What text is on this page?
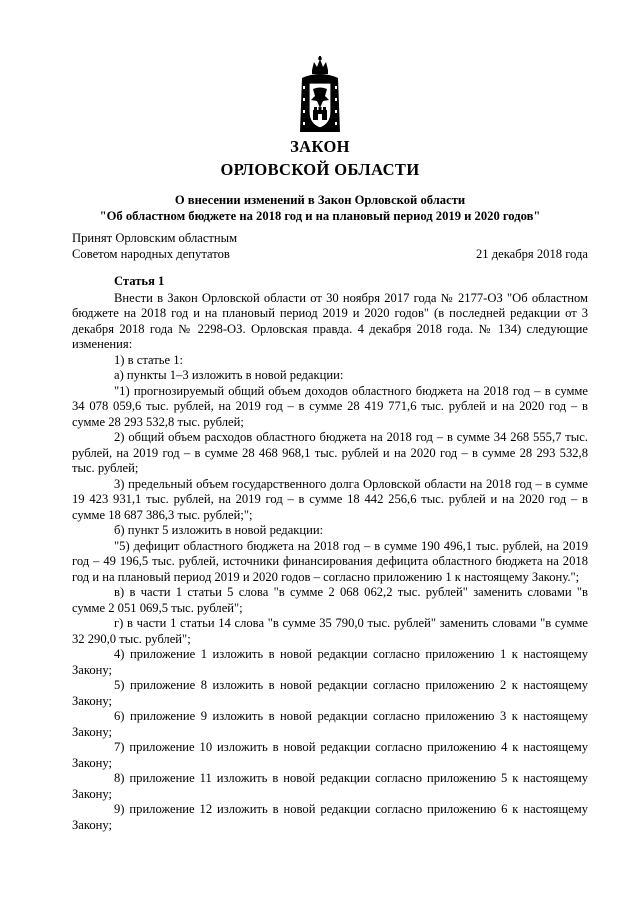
ЗАКОН
ОРЛОВСКОЙ ОБЛАСТИ
О внесении изменений в Закон Орловской области
"Об областном бюджете на 2018 год и на плановый период 2019 и 2020 годов"
Принят Орловским областным
Советом народных депутатов	21 декабря 2018 года

Статья 1

Внести в Закон Орловской области от 30 ноября 2017 года № 2177-ОЗ "Об областном бюджете на 2018 год и на плановый период 2019 и 2020 годов" (в последней редакции от 3 декабря 2018 года № 2298-ОЗ. Орловская правда. 4 декабря 2018 года. № 134) следующие изменения:

1) в статье 1:

а) пункты 1–3 изложить в новой редакции:

"1) прогнозируемый общий объем доходов областного бюджета на 2018 год – в сумме 34 078 059,6 тыс. рублей, на 2019 год – в сумме 28 419 771,6 тыс. рублей и на 2020 год – в сумме 28 293 532,8 тыс. рублей;

2) общий объем расходов областного бюджета на 2018 год – в сумме 34 268 555,7 тыс. рублей, на 2019 год – в сумме 28 468 968,1 тыс. рублей и на 2020 год – в сумме 28 293 532,8 тыс. рублей;

3) предельный объем государственного долга Орловской области на 2018 год – в сумме 19 423 931,1 тыс. рублей, на 2019 год – в сумме 18 442 256,6 тыс. рублей и на 2020 год – в сумме 18 687 386,3 тыс. рублей;";

б) пункт 5 изложить в новой редакции:

"5) дефицит областного бюджета на 2018 год – в сумме 190 496,1 тыс. рублей, на 2019 год – 49 196,5 тыс. рублей, источники финансирования дефицита областного бюджета на 2018 год и на плановый период 2019 и 2020 годов – согласно приложению 1 к настоящему Закону.";

в) в части 1 статьи 5 слова "в сумме 2 068 062,2 тыс. рублей" заменить словами "в сумме 2 051 069,5 тыс. рублей";

г) в части 1 статьи 14 слова "в сумме 35 790,0 тыс. рублей" заменить словами "в сумме 32 290,0 тыс. рублей";

4) приложение 1 изложить в новой редакции согласно приложению 1 к настоящему Закону;

5) приложение 8 изложить в новой редакции согласно приложению 2 к настоящему Закону;

6) приложение 9 изложить в новой редакции согласно приложению 3 к настоящему Закону;

7) приложение 10 изложить в новой редакции согласно приложению 4 к настоящему Закону;

8) приложение 11 изложить в новой редакции согласно приложению 5 к настоящему Закону;

9) приложение 12 изложить в новой редакции согласно приложению 6 к настоящему Закону;
